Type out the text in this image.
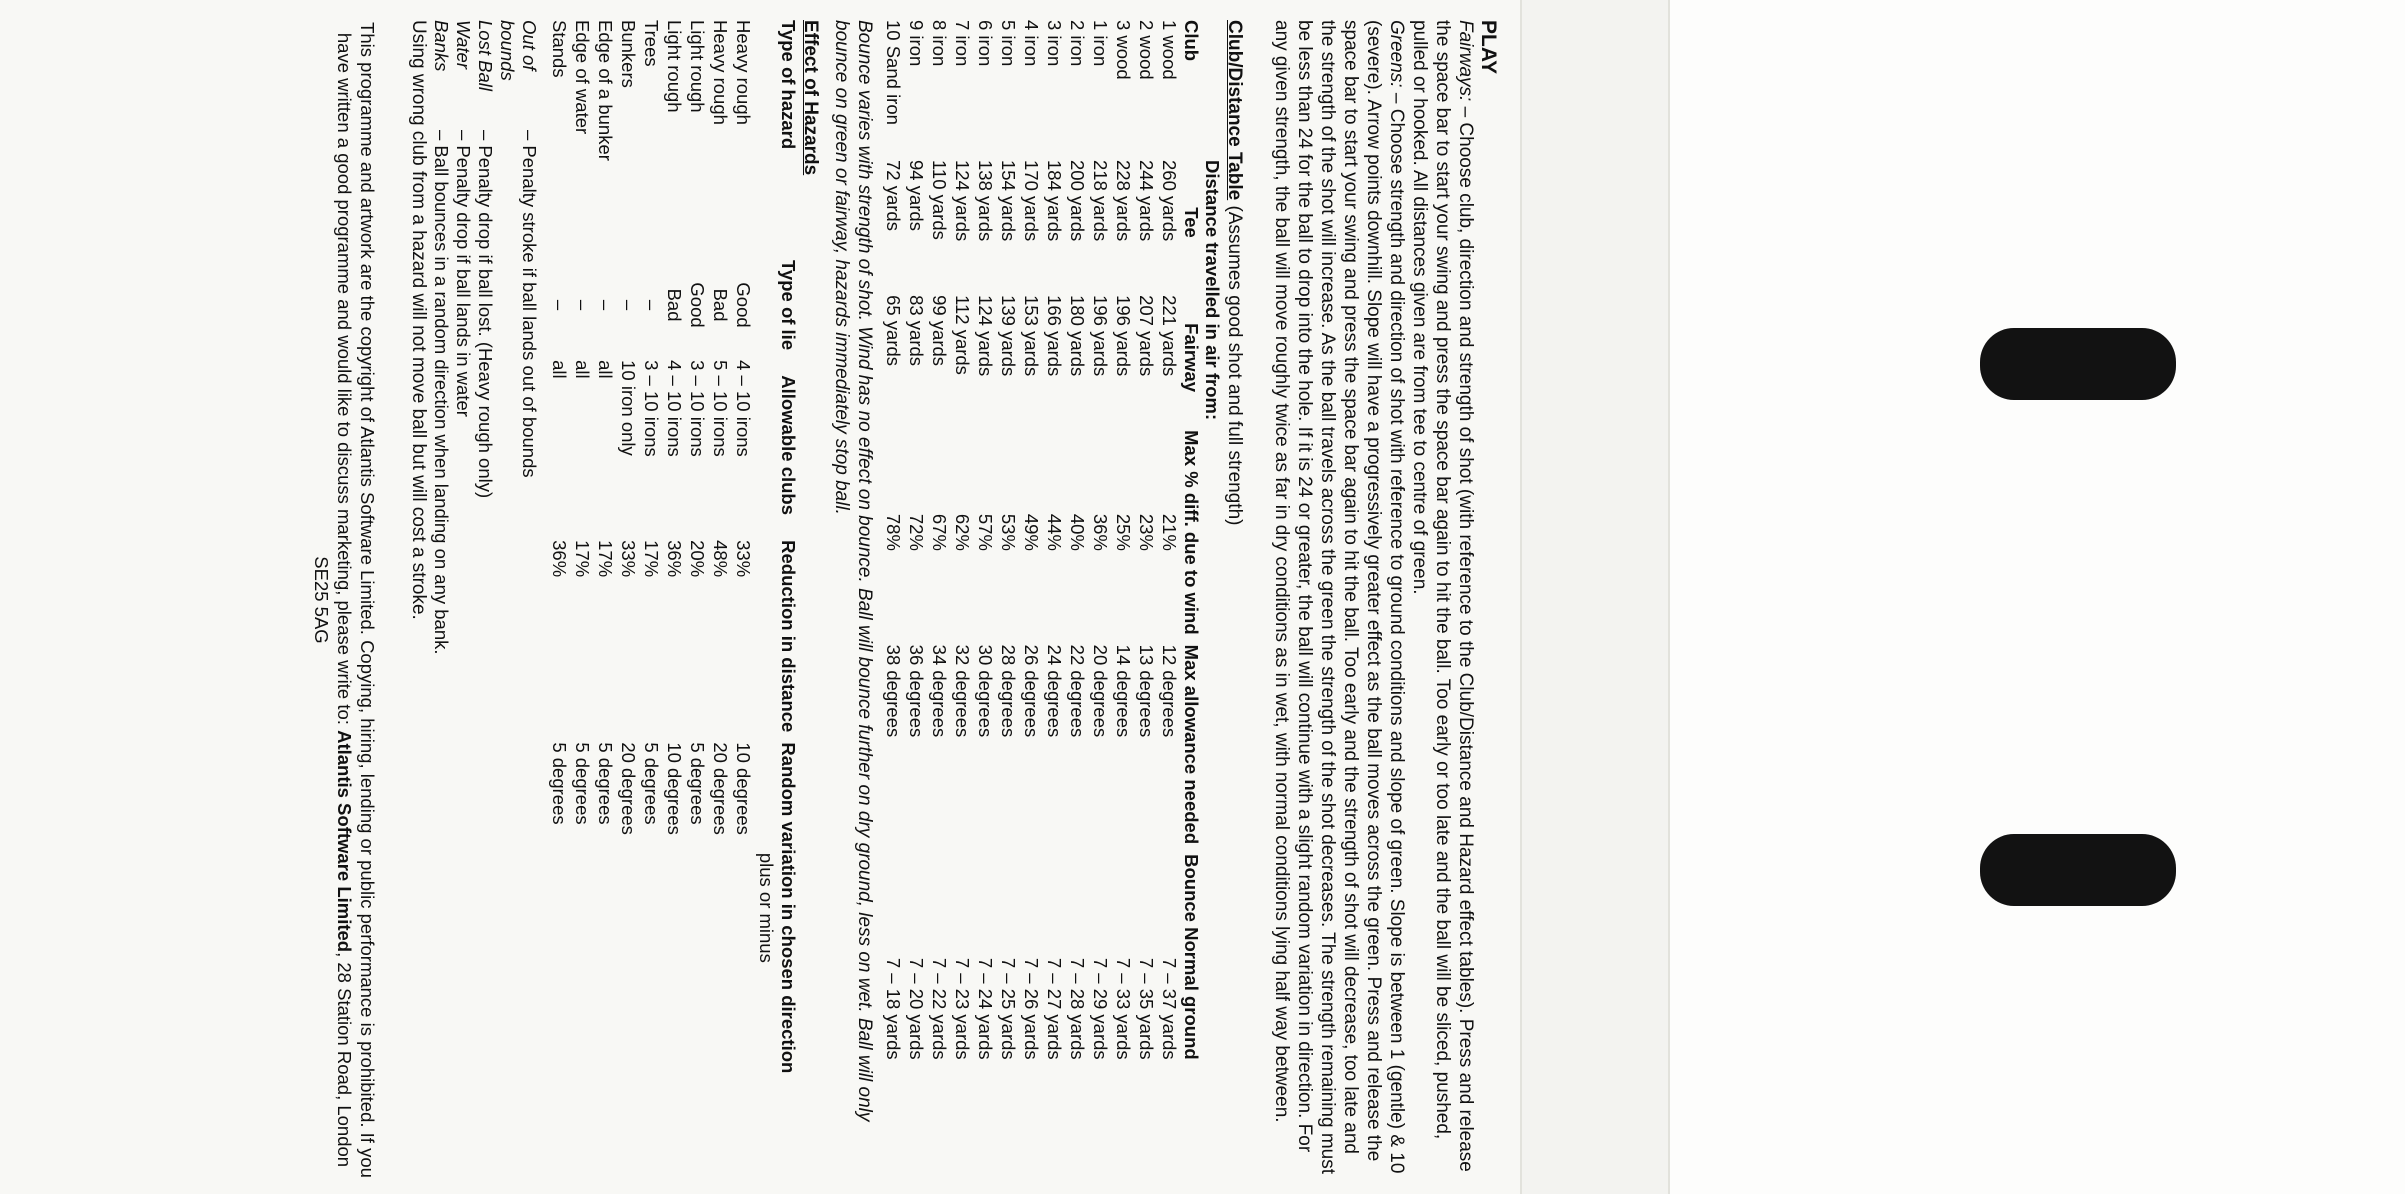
PLAY

Fairways: – Choose club, direction and strength of shot (with reference to the Club/Distance and Hazard effect tables). Press and release the space bar to start your swing and press the space bar again to hit the ball. Too early or too late and the ball will be sliced, pushed, pulled or hooked. All distances given are from tee to centre of green.

Greens: – Choose strength and direction of shot with reference to ground conditions and slope of green. Slope is between 1 (gentle) & 10 (severe). Arrow points downhill. Slope will have a progressively greater effect as the ball moves across the green. Press and release the space bar to start your swing and press the space bar again to hit the ball. Too early and the strength of shot will decrease, too late and the strength of the shot will increase. As the ball travels across the green the strength of the shot decreases. The strength remaining must be less than 24 for the ball to drop into the hole. If it is 24 or greater, the ball will continue with a slight random variation in direction. For any given strength, the ball will move roughly twice as far in dry conditions as in wet, with normal conditions lying half way between.

Club/Distance Table (Assumes good shot and full strength)
Club	Distance travelled in air from:		Max % diff. due to wind	Max allowance needed	Bounce Normal ground
	Tee	Fairway			
1 wood	260 yards	221 yards	21%	12 degrees	7 – 37 yards
2 wood	244 yards	207 yards	23%	13 degrees	7 – 35 yards
3 wood	228 yards	196 yards	25%	14 degrees	7 – 33 yards
1 iron	218 yards	196 yards	36%	20 degrees	7 – 29 yards
2 iron	200 yards	180 yards	40%	22 degrees	7 – 28 yards
3 iron	184 yards	166 yards	44%	24 degrees	7 – 27 yards
4 iron	170 yards	153 yards	49%	26 degrees	7 – 26 yards
5 iron	154 yards	139 yards	53%	28 degrees	7 – 25 yards
6 iron	138 yards	124 yards	57%	30 degrees	7 – 24 yards
7 iron	124 yards	112 yards	62%	32 degrees	7 – 23 yards
8 iron	110 yards	99 yards	67%	34 degrees	7 – 22 yards
9 iron	94 yards	83 yards	72%	36 degrees	7 – 20 yards
10 Sand iron	72 yards	65 yards	78%	38 degrees	7 – 18 yards

Bounce varies with strength of shot. Wind has no effect on bounce. Ball will bounce further on dry ground, less on wet. Ball will only bounce on green or fairway, hazards immediately stop ball.

Effect of Hazards
Type of hazard	Type of lie	Allowable clubs	Reduction in distance	Random variation in chosen direction
				plus or minus
Heavy rough	Good	4 – 10 irons	33%	10 degrees
Heavy rough	Bad	5 – 10 irons	48%	20 degrees
Light rough	Good	3 – 10 irons	20%	5 degrees
Light rough	Bad	4 – 10 irons	36%	10 degrees
Trees	–	3 – 10 irons	17%	5 degrees
Bunkers	–	10 iron only	33%	20 degrees
Edge of a bunker	–	all	17%	5 degrees
Edge of water	–	all	17%	5 degrees
Stands	–	all	36%	5 degrees
Out of bounds
– Penalty stroke if ball lands out of bounds
Lost Ball
– Penalty drop if ball lost. (Heavy rough only)
Water
– Penalty drop if ball lands in water
Banks
– Ball bounces in a random direction when landing on any bank.

Using wrong club from a hazard will not move ball but will cost a stroke.

This programme and artwork are the copyright of Atlantis Software Limited. Copying, hiring, lending or public performance is prohibited. If you have written a good programme and would like to discuss marketing, please write to: Atlantis Software Limited, 28 Station Road, London SE25 5AG
